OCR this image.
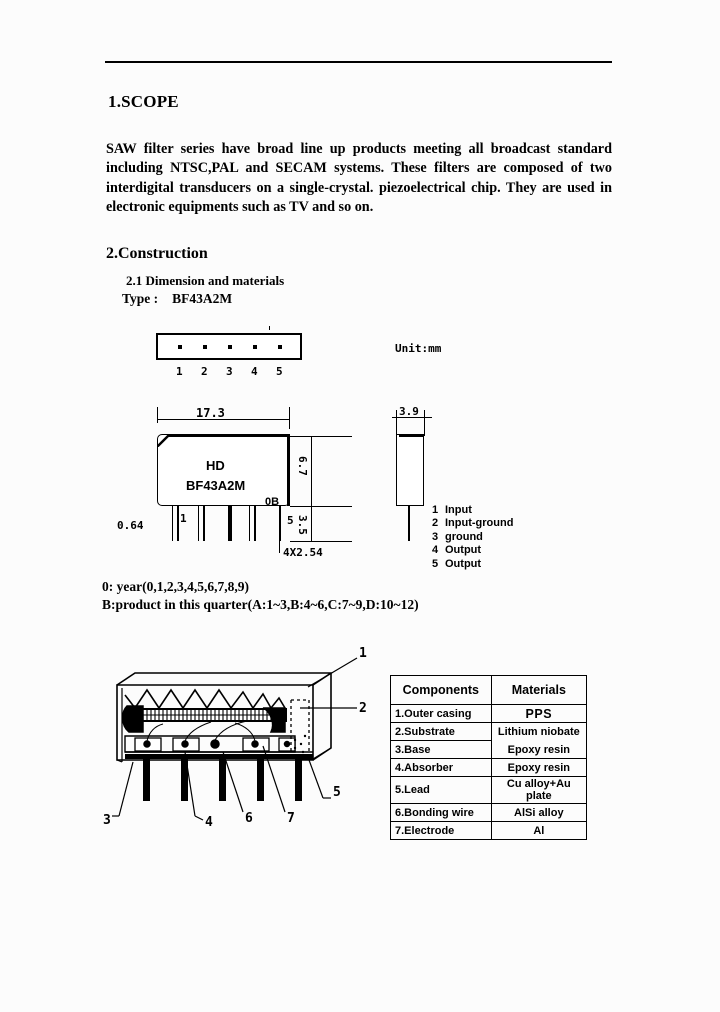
1.SCOPE
SAW filter series have broad line up products meeting all broadcast standard including NTSC,PAL and SECAM systems. These filters are composed of two interdigital transducers on a single-crystal. piezoelectrical chip. They are used in electronic equipments such as TV and so on.
2.Construction
2.1 Dimension and materials
Type : BF43A2M
1 2 3 4 5
Unit:mm
17.3
HD
BF43A2M
0B
0.64
1	5
6.7
3.5
4X2.54
3.9
1 Input
2 Input-ground
3 ground
4 Output
5 Output
0: year(0,1,2,3,4,5,6,7,8,9)
B:product in this quarter(A:1~3,B:4~6,C:7~9,D:10~12)
1
2
3	4 6	7
5
Components	Materials
1.Outer casing	PPS
2.Substrate	Lithium niobate
3.Base	Epoxy resin
4.Absorber	Epoxy resin
5.Lead	Cu alloy+Au plate
6.Bonding wire	AlSi alloy
7.Electrode	Al
